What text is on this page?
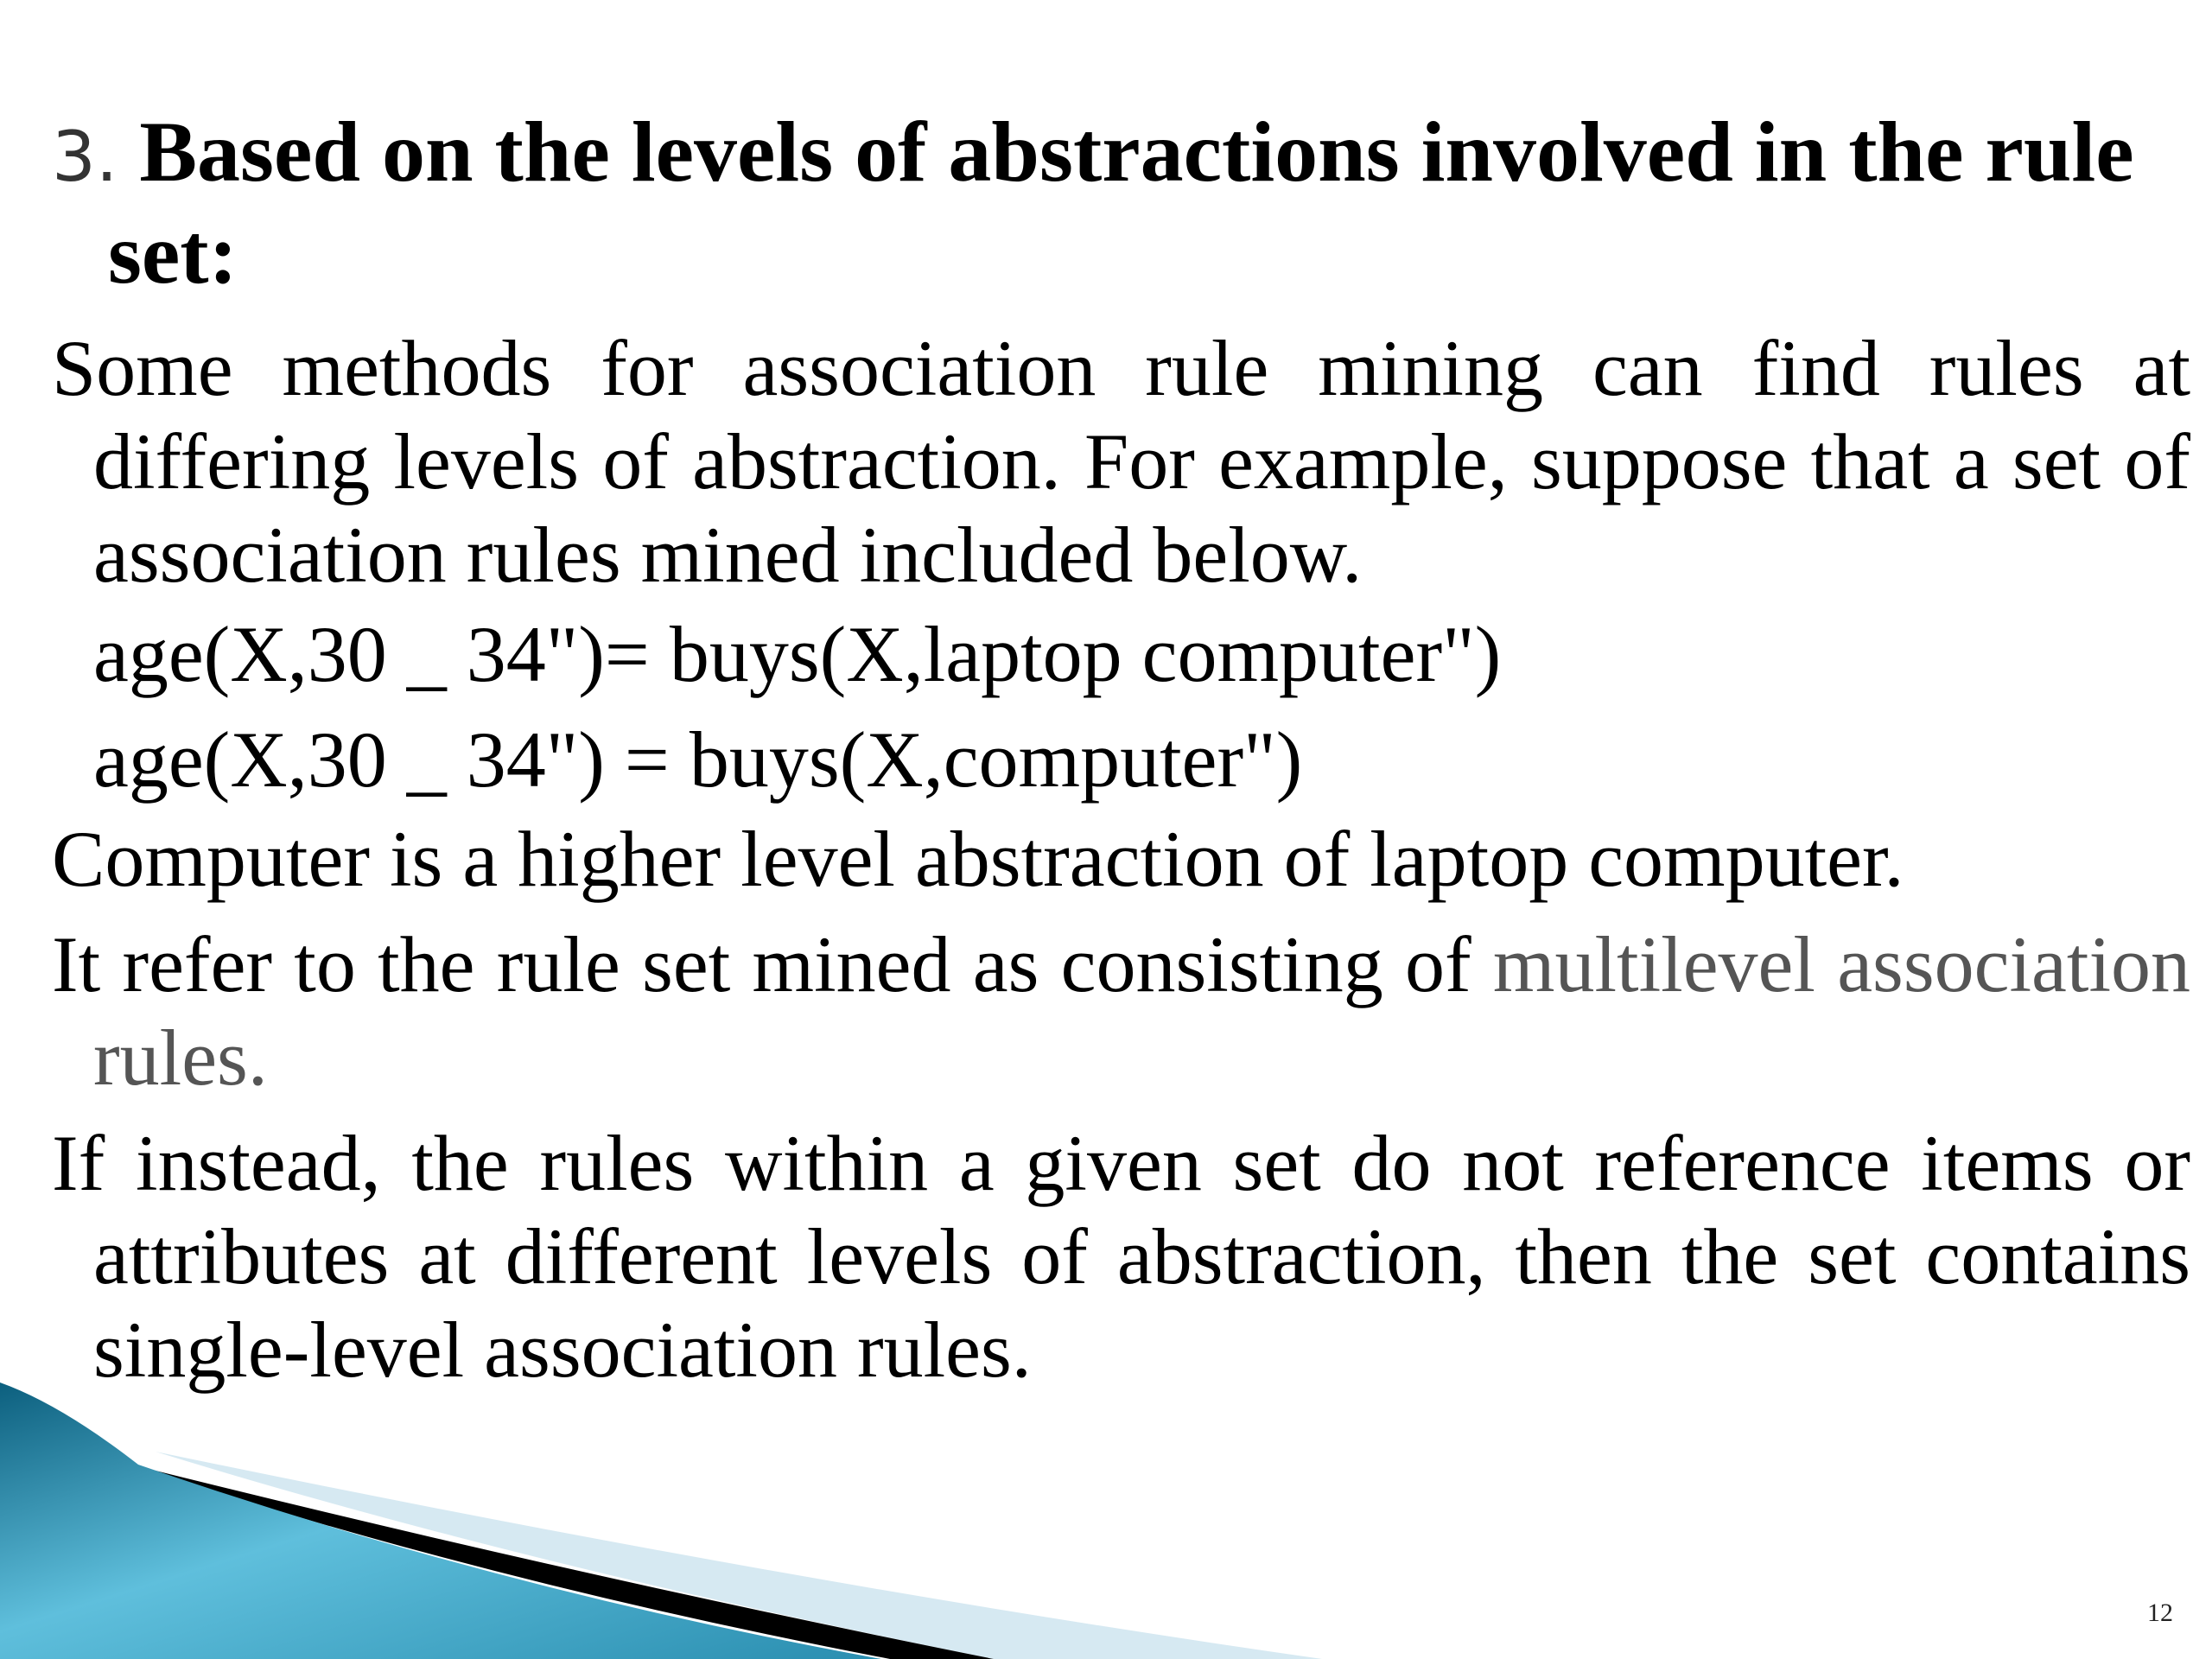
3. Based on the levels of abstractions involved in the rule set:

Some methods for association rule mining can find rules at differing levels of abstraction. For example, suppose that a set of association rules mined included below.

age(X,30 _ 34")= buys(X,laptop computer")

age(X,30 _ 34") = buys(X,computer")

Computer is a higher level abstraction of laptop computer.

It refer to the rule set mined as consisting of multilevel association rules.

If instead, the rules within a given set do not reference items or attributes at different levels of abstraction, then the set contains single-level association rules.

12
